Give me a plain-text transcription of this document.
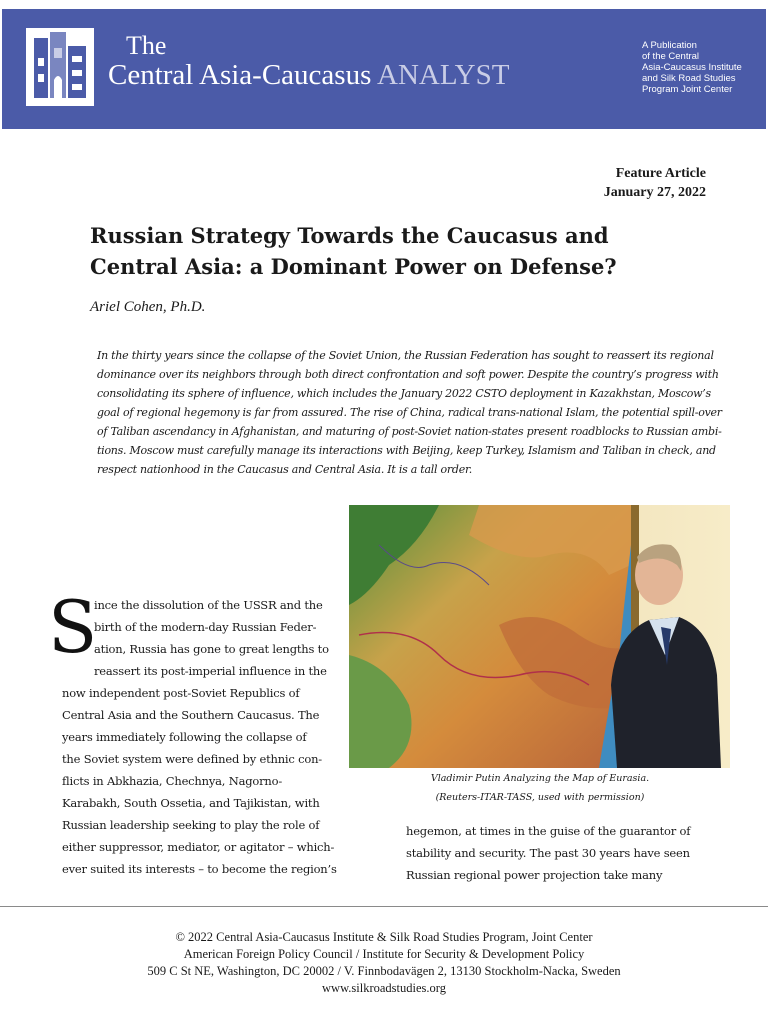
The
Central Asia-Caucasus ANALYST
A Publication
of the Central
Asia-Caucasus Institute
and Silk Road Studies
Program Joint Center
Feature Article
January 27, 2022
Russian Strategy Towards the Caucasus and
Central Asia: a Dominant Power on Defense?
Ariel Cohen, Ph.D.
In the thirty years since the collapse of the Soviet Union, the Russian Federation has sought to reassert its regional
dominance over its neighbors through both direct confrontation and soft power. Despite the country’s progress with
consolidating its sphere of influence, which includes the January 2022 CSTO deployment in Kazakhstan, Moscow’s
goal of regional hegemony is far from assured. The rise of China, radical trans-national Islam, the potential spill-over
of Taliban ascendancy in Afghanistan, and maturing of post-Soviet nation-states present roadblocks to Russian ambi-
tions. Moscow must carefully manage its interactions with Beijing, keep Turkey, Islamism and Taliban in check, and
respect nationhood in the Caucasus and Central Asia. It is a tall order.
Vladimir Putin Analyzing the Map of Eurasia.
(Reuters-ITAR-TASS, used with permission)
S
ince the dissolution of the USSR and the
birth of the modern-day Russian Feder-
ation, Russia has gone to great lengths to
reassert its post-imperial influence in the
now independent post-Soviet Republics of
Central Asia and the Southern Caucasus. The
years immediately following the collapse of
the Soviet system were defined by ethnic con-
flicts in Abkhazia, Chechnya, Nagorno-
Karabakh, South Ossetia, and Tajikistan, with
Russian leadership seeking to play the role of
either suppressor, mediator, or agitator – which-
ever suited its interests – to become the region’s
hegemon, at times in the guise of the guarantor of
stability and security. The past 30 years have seen
Russian regional power projection take many
© 2022 Central Asia-Caucasus Institute & Silk Road Studies Program, Joint Center
American Foreign Policy Council / Institute for Security & Development Policy
509 C St NE, Washington, DC 20002 / V. Finnbodavägen 2, 13130 Stockholm-Nacka, Sweden
www.silkroadstudies.org
